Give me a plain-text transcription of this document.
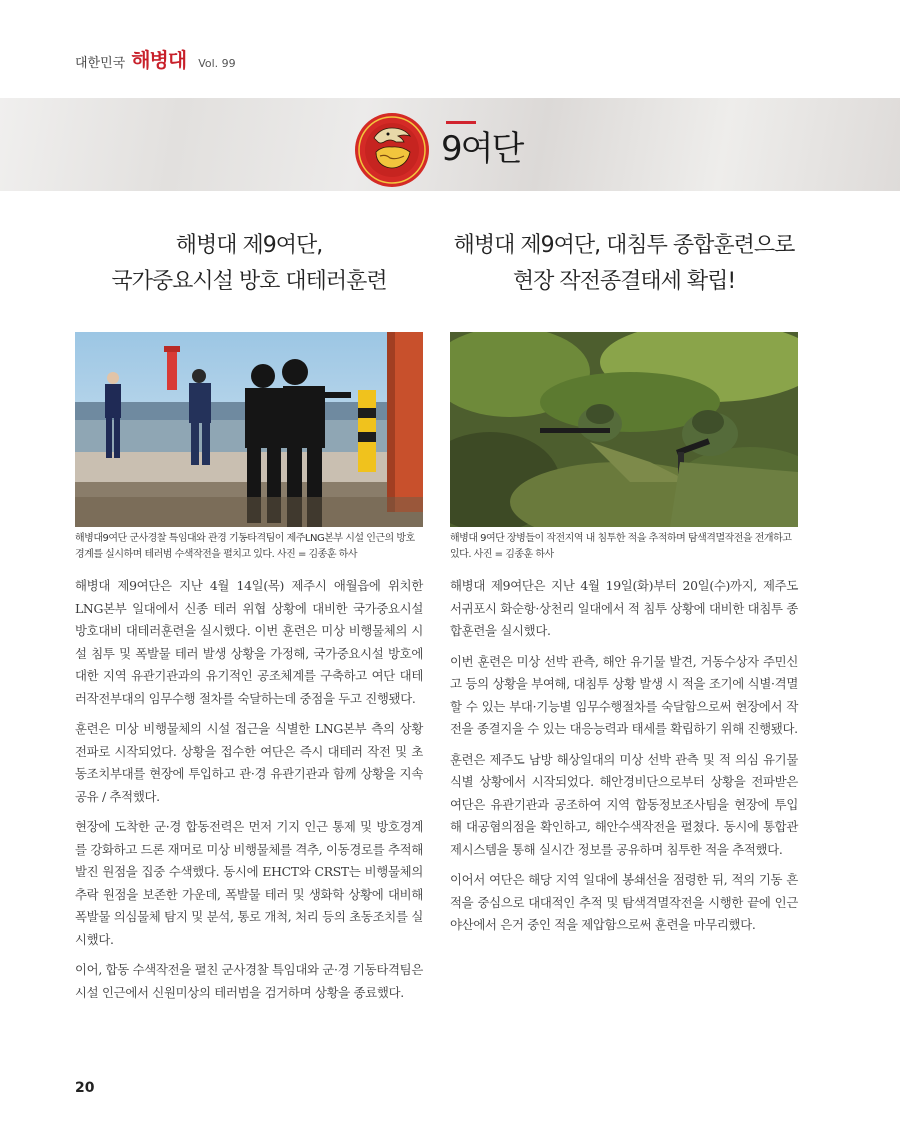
대한민국 해병대 Vol. 99
9여단
해병대 제9여단,
국가중요시설 방호 대테러훈련

해병대9여단 군사경찰 특임대와 관경 기동타격팀이 제주LNG본부 시설 인근의 방호경계를 실시하며 테러범 수색작전을 펼치고 있다. 사진 = 김종훈 하사

해병대 제9여단은 지난 4월 14일(목) 제주시 애월읍에 위치한 LNG본부 일대에서 신종 테러 위협 상황에 대비한 국가중요시설 방호대비 대테러훈련을 실시했다. 이번 훈련은 미상 비행물체의 시설 침투 및 폭발물 테러 발생 상황을 가정해, 국가중요시설 방호에 대한 지역 유관기관과의 유기적인 공조체계를 구축하고 여단 대테러작전부대의 임무수행 절차를 숙달하는데 중점을 두고 진행됐다.

훈련은 미상 비행물체의 시설 접근을 식별한 LNG본부 측의 상황전파로 시작되었다. 상황을 접수한 여단은 즉시 대테러 작전 및 초동조치부대를 현장에 투입하고 관·경 유관기관과 함께 상황을 지속 공유 / 추적했다.

현장에 도착한 군·경 합동전력은 먼저 기지 인근 통제 및 방호경계를 강화하고 드론 재머로 미상 비행물체를 격추, 이동경로를 추적해 발진 원점을 집중 수색했다. 동시에 EHCT와 CRST는 비행물체의 추락 원점을 보존한 가운데, 폭발물 테러 및 생화학 상황에 대비해 폭발물 의심물체 탐지 및 분석, 통로 개척, 처리 등의 초동조치를 실시했다.

이어, 합동 수색작전을 펼친 군사경찰 특임대와 군·경 기동타격팀은 시설 인근에서 신원미상의 테러범을 검거하며 상황을 종료했다.

해병대 제9여단, 대침투 종합훈련으로
현장 작전종결태세 확립!

해병대 9여단 장병들이 작전지역 내 침투한 적을 추적하며 탐색격멸작전을 전개하고 있다. 사진 = 김종훈 하사

해병대 제9여단은 지난 4월 19일(화)부터 20일(수)까지, 제주도 서귀포시 화순항·상천리 일대에서 적 침투 상황에 대비한 대침투 종합훈련을 실시했다.

이번 훈련은 미상 선박 관측, 해안 유기물 발견, 거동수상자 주민신고 등의 상황을 부여해, 대침투 상황 발생 시 적을 조기에 식별·격멸할 수 있는 부대·기능별 임무수행절차를 숙달함으로써 현장에서 작전을 종결지을 수 있는 대응능력과 태세를 확립하기 위해 진행됐다.

훈련은 제주도 남방 해상일대의 미상 선박 관측 및 적 의심 유기물 식별 상황에서 시작되었다. 해안경비단으로부터 상황을 전파받은 여단은 유관기관과 공조하여 지역 합동정보조사팀을 현장에 투입해 대공혐의점을 확인하고, 해안수색작전을 펼쳤다. 동시에 통합관제시스템을 통해 실시간 정보를 공유하며 침투한 적을 추적했다.

이어서 여단은 해당 지역 일대에 봉쇄선을 점령한 뒤, 적의 기동 흔적을 중심으로 대대적인 추적 및 탐색격멸작전을 시행한 끝에 인근 야산에서 은거 중인 적을 제압함으로써 훈련을 마무리했다.

20
